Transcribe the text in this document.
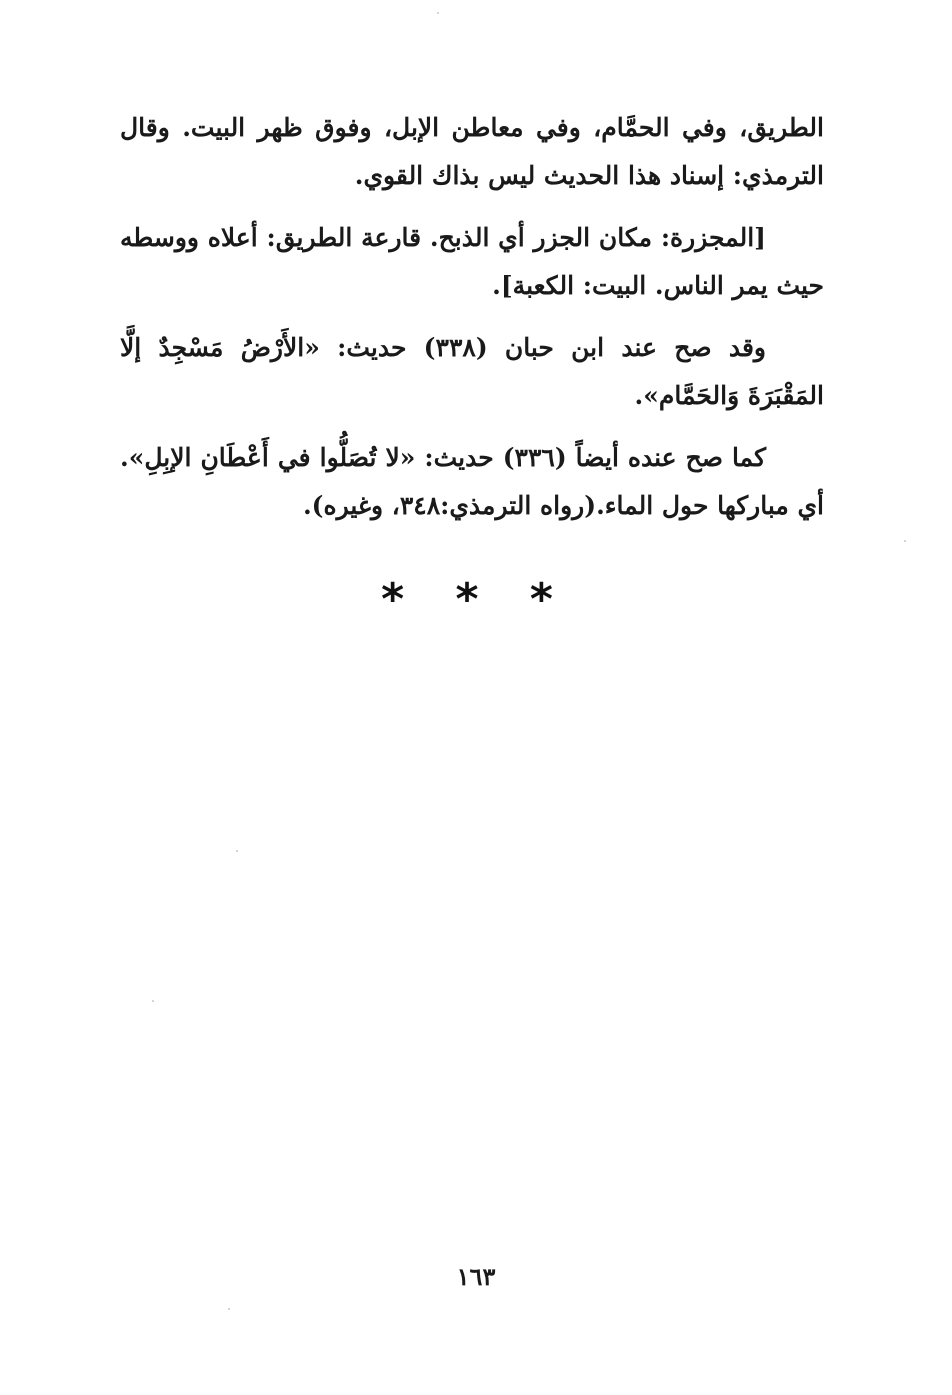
الطريق، وفي الحمَّام، وفي معاطن الإبل، وفوق ظهر البيت. وقال الترمذي: إسناد هذا الحديث ليس بذاك القوي.

[المجزرة: مكان الجزر أي الذبح. قارعة الطريق: أعلاه ووسطه حيث يمر الناس. البيت: الكعبة].

وقد صح عند ابن حبان (٣٣٨) حديث: «الأَرْضُ مَسْجِدٌ إلَّا المَقْبَرَةَ وَالحَمَّام».

كما صح عنده أيضاً (٣٣٦) حديث: «لا تُصَلُّوا في أَعْطَانِ الإبِلِ». أي مباركها حول الماء.(رواه الترمذي:٣٤٨، وغيره).

* * *
١٦٣
